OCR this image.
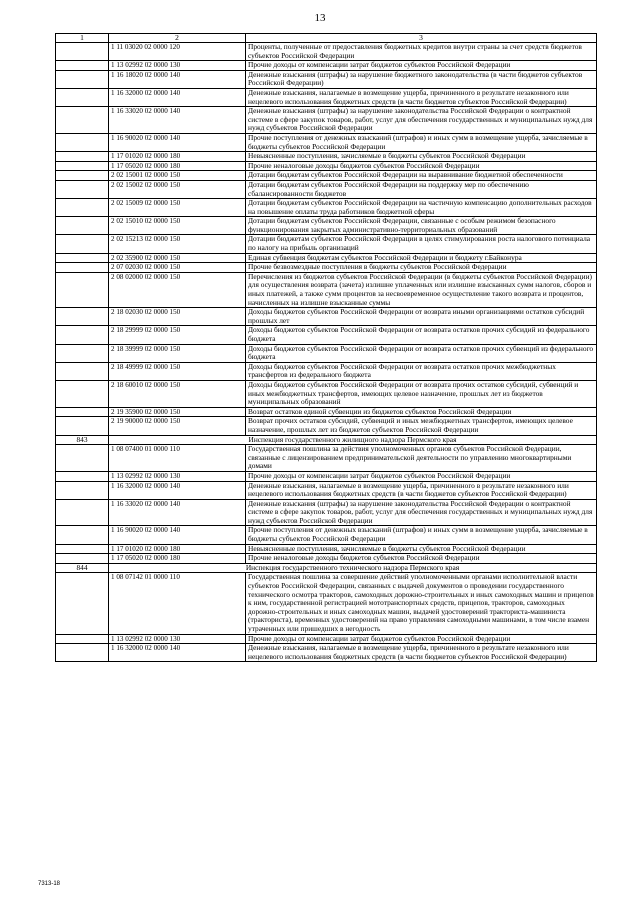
13
1	2	3
	1 11 03020 02 0000 120	Проценты, полученные от предоставления бюджетных кредитов внутри страны за счет средств бюджетов субъектов Российской Федерации
	1 13 02992 02 0000 130	Прочие доходы от компенсации затрат бюджетов субъектов Российской Федерации
	1 16 18020 02 0000 140	Денежные взыскания (штрафы) за нарушение бюджетного законодательства (в части бюджетов субъектов Российской Федерации)
	1 16 32000 02 0000 140	Денежные взыскания, налагаемые в возмещение ущерба, причиненного в результате незаконного или нецелевого использования бюджетных средств (в части бюджетов субъектов Российской Федерации)
	1 16 33020 02 0000 140	Денежные взыскания (штрафы) за нарушение законодательства Российской Федерации о контрактной системе в сфере закупок товаров, работ, услуг для обеспечения государственных и муниципальных нужд для нужд субъектов Российской Федерации
	1 16 90020 02 0000 140	Прочие поступления от денежных взысканий (штрафов) и иных сумм в возмещение ущерба, зачисляемые в бюджеты субъектов Российской Федерации
	1 17 01020 02 0000 180	Невыясненные поступления, зачисляемые в бюджеты субъектов Российской Федерации
	1 17 05020 02 0000 180	Прочие неналоговые доходы бюджетов субъектов Российской Федерации
	2 02 15001 02 0000 150	Дотации бюджетам субъектов Российской Федерации на выравнивание бюджетной обеспеченности
	2 02 15002 02 0000 150	Дотации бюджетам субъектов Российской Федерации на поддержку мер по обеспечению сбалансированности бюджетов
	2 02 15009 02 0000 150	Дотации бюджетам субъектов Российской Федерации на частичную компенсацию дополнительных расходов на повышение оплаты труда работников бюджетной сферы
	2 02 15010 02 0000 150	Дотации бюджетам субъектов Российской Федерации, связанные с особым режимом безопасного функционирования закрытых административно-территориальных образований
	2 02 15213 02 0000 150	Дотации бюджетам субъектов Российской Федерации в целях стимулирования роста налогового потенциала по налогу на прибыль организаций
	2 02 35900 02 0000 150	Единая субвенция бюджетам субъектов Российской Федерации и бюджету г.Байконура
	2 07 02030 02 0000 150	Прочие безвозмездные поступления в бюджеты субъектов Российской Федерации
	2 08 02000 02 0000 150	Перечисления из бюджетов субъектов Российской Федерации (в бюджеты субъектов Российской Федерации) для осуществления возврата (зачета) излишне уплаченных или излишне взысканных сумм налогов, сборов и иных платежей, а также сумм процентов за несвоевременное осуществление такого возврата и процентов, начисленных на излишне взысканные суммы
	2 18 02030 02 0000 150	Доходы бюджетов субъектов Российской Федерации от возврата иными организациями остатков субсидий прошлых лет
	2 18 29999 02 0000 150	Доходы бюджетов субъектов Российской Федерации от возврата остатков прочих субсидий из федерального бюджета
	2 18 39999 02 0000 150	Доходы бюджетов субъектов Российской Федерации от возврата остатков прочих субвенций из федерального бюджета
	2 18 49999 02 0000 150	Доходы бюджетов субъектов Российской Федерации от возврата остатков прочих межбюджетных трансфертов из федерального бюджета
	2 18 60010 02 0000 150	Доходы бюджетов субъектов Российской Федерации от возврата прочих остатков субсидий, субвенций и иных межбюджетных трансфертов, имеющих целевое назначение, прошлых лет из бюджетов муниципальных образований
	2 19 35900 02 0000 150	Возврат остатков единой субвенции из бюджетов субъектов Российской Федерации
	2 19 90000 02 0000 150	Возврат прочих остатков субсидий, субвенций и иных межбюджетных трансфертов, имеющих целевое назначение, прошлых лет из бюджетов субъектов Российской Федерации
843	Инспекция государственного жилищного надзора Пермского края	
	1 08 07400 01 0000 110	Государственная пошлина за действия уполномоченных органов субъектов Российской Федерации, связанные с лицензированием предпринимательской деятельности по управлению многоквартирными домами
	1 13 02992 02 0000 130	Прочие доходы от компенсации затрат бюджетов субъектов Российской Федерации
	1 16 32000 02 0000 140	Денежные взыскания, налагаемые в возмещение ущерба, причиненного в результате незаконного или нецелевого использования бюджетных средств (в части бюджетов субъектов Российской Федерации)
	1 16 33020 02 0000 140	Денежные взыскания (штрафы) за нарушение законодательства Российской Федерации о контрактной системе в сфере закупок товаров, работ, услуг для обеспечения государственных и муниципальных нужд для нужд субъектов Российской Федерации
	1 16 90020 02 0000 140	Прочие поступления от денежных взысканий (штрафов) и иных сумм в возмещение ущерба, зачисляемые в бюджеты субъектов Российской Федерации
	1 17 01020 02 0000 180	Невыясненные поступления, зачисляемые в бюджеты субъектов Российской Федерации
	1 17 05020 02 0000 180	Прочие неналоговые доходы бюджетов субъектов Российской Федерации
844	Инспекция государственного технического надзора Пермского края	
	1 08 07142 01 0000 110	Государственная пошлина за совершение действий уполномоченными органами исполнительной власти субъектов Российской Федерации, связанных с выдачей документов о проведении государственного технического осмотра тракторов, самоходных дорожно-строительных и иных самоходных машин и прицепов к ним, государственной регистрацией мототранспортных средств, прицепов, тракторов, самоходных дорожно-строительных и иных самоходных машин, выдачей удостоверений тракториста-машиниста (тракториста), временных удостоверений на право управления самоходными машинами, в том числе взамен утраченных или пришедших в негодность
	1 13 02992 02 0000 130	Прочие доходы от компенсации затрат бюджетов субъектов Российской Федерации
	1 16 32000 02 0000 140	Денежные взыскания, налагаемые в возмещение ущерба, причиненного в результате незаконного или нецелевого использования бюджетных средств (в части бюджетов субъектов Российской Федерации)
7313-18
